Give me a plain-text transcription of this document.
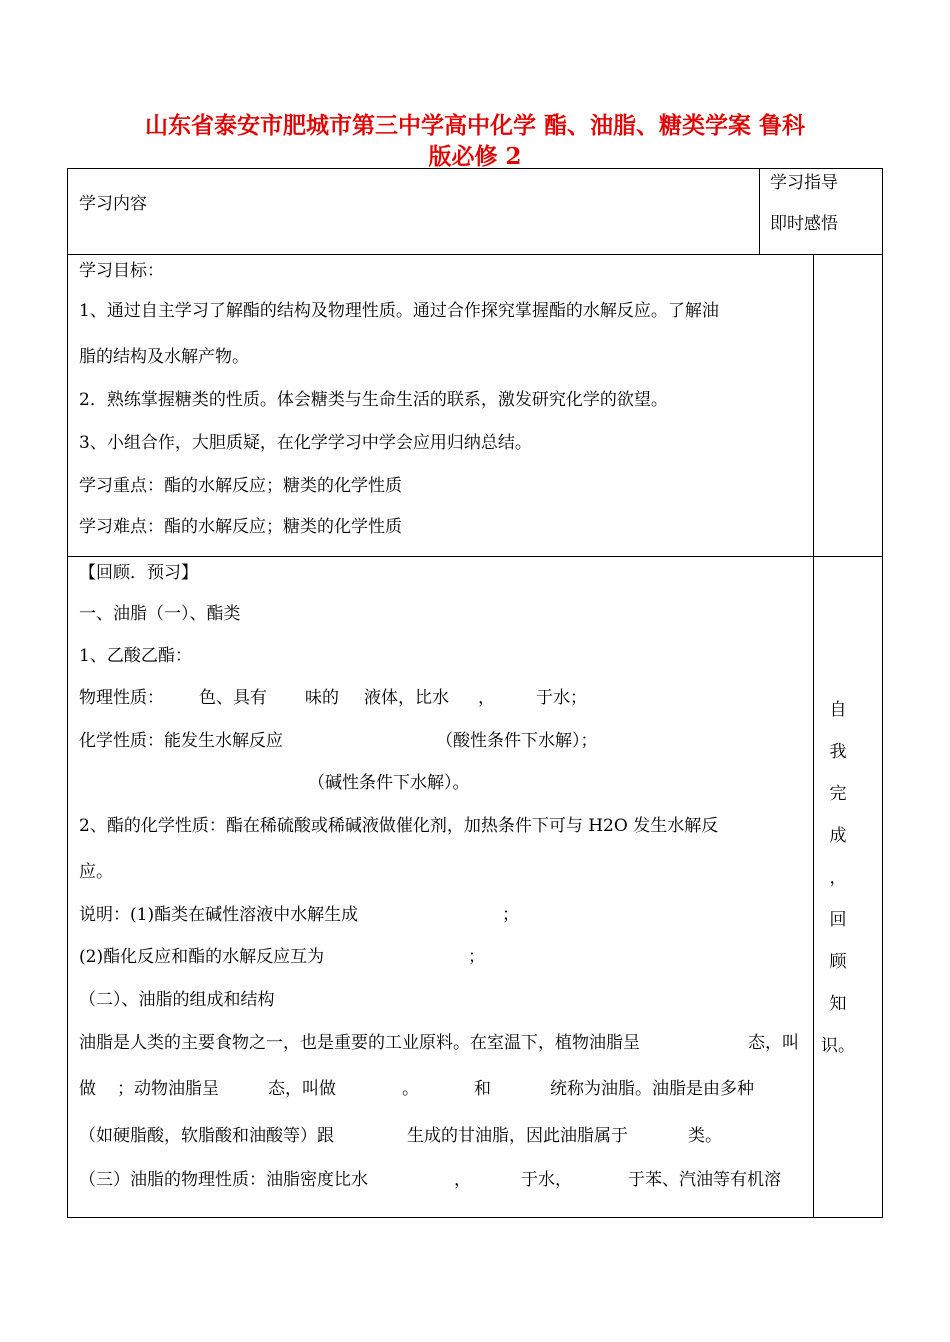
山东省泰安市肥城市第三中学高中化学 酯、油脂、糖类学案 鲁科
版必修 2
学习内容
学习指导
即时感悟
学习目标：
1、通过自主学习了解酯的结构及物理性质。通过合作探究掌握酯的水解反应。了解油
脂的结构及水解产物。
2．熟练掌握糖类的性质。体会糖类与生命生活的联系，激发研究化学的欲望。
3、小组合作，大胆质疑，在化学学习中学会应用归纳总结。
学习重点：酯的水解反应；糖类的化学性质
学习难点：酯的水解反应；糖类的化学性质
【回顾．预习】
一、油脂（一）、酯类
1、乙酸乙酯：
物理性质： 色、具有 味的 液体，比水 ， 于水；
化学性质：能发生水解反应	（酸性条件下水解）；
（碱性条件下水解）。
2、酯的化学性质：酯在稀硫酸或稀碱液做催化剂，加热条件下可与 H2O 发生水解反
应。
说明：(1)酯类在碱性溶液中水解生成	；
(2)酯化反应和酯的水解反应互为	；
（二）、油脂的组成和结构
油脂是人类的主要食物之一，也是重要的工业原料。在室温下，植物油脂呈	态，叫
做 ；动物油脂呈	态，叫做	。	和	统称为油脂。油脂是由多种
（如硬脂酸，软脂酸和油酸等）跟	生成的甘油脂，因此油脂属于	类。
（三）油脂的物理性质：油脂密度比水	，	于水，	于苯、汽油等有机溶
自
我
完
成
，
回
顾
知
识。
